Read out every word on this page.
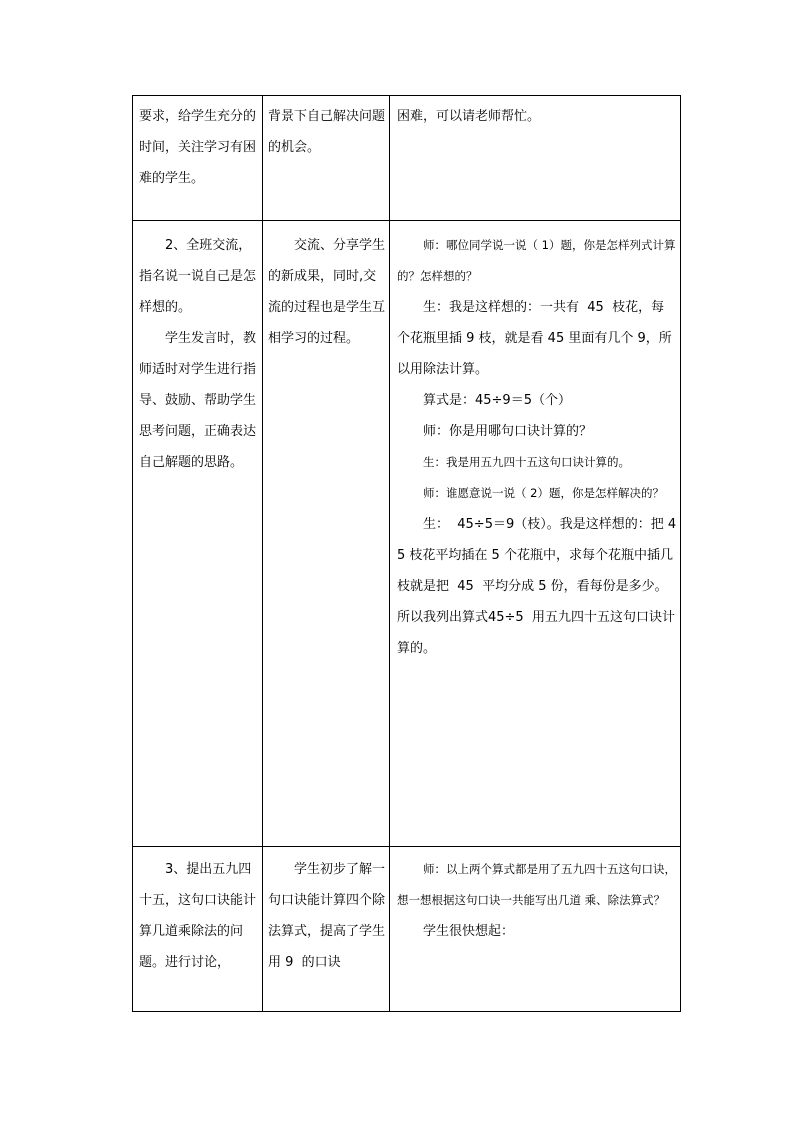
要求，给学生充分的时间，关注学习有困难的学生。

背景下自己解决问题的机会。

困难，可以请老师帮忙。

2、全班交流，指名说一说自己是怎样想的。

学生发言时，教师适时对学生进行指导、鼓励、帮助学生思考问题，正确表达自己解题的思路。

交流、分享学生的新成果，同时,交流的过程也是学生互相学习的过程。

师：哪位同学说一说（ 1）题，你是怎样列式计算的？怎样想的？

生：我是这样想的：一共有  45  枝花，每个花瓶里插 9 枝，就是看 45 里面有几个 9，所以用除法计算。

算式是：45÷9＝5（个）

师：你是用哪句口诀计算的？

生：我是用五九四十五这句口诀计算的。

师：谁愿意说一说（ 2）题，你是怎样解决的？

生：  45÷5＝9（枝）。我是这样想的：把 45 枝花平均插在 5 个花瓶中，求每个花瓶中插几枝就是把  45  平均分成 5 份，看每份是多少。所以我列出算式45÷5  用五九四十五这句口诀计算的。

3、提出五九四十五，这句口诀能计算几道乘除法的问题。进行讨论，

学生初步了解一句口诀能计算四个除法算式，提高了学生用 9  的口诀

师：以上两个算式都是用了五九四十五这句口诀，想一想根据这句口诀一共能写出几道 乘、除法算式？

学生很快想起：
